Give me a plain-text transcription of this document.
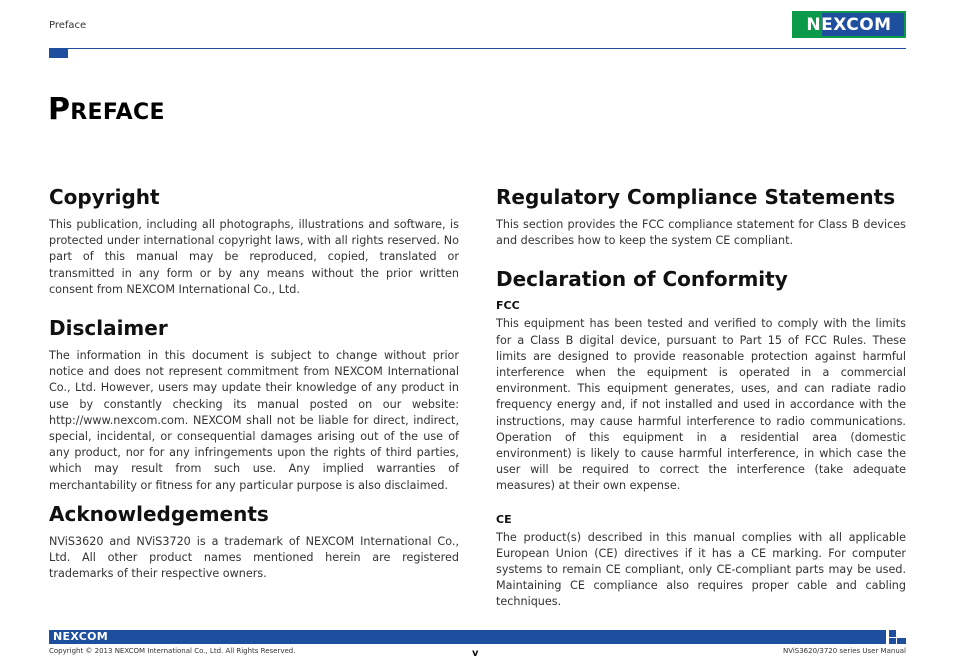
Preface	NEXCOM
PREFACE
Copyright

This publication, including all photographs, illustrations and software, is protected under international copyright laws, with all rights reserved. No part of this manual may be reproduced, copied, translated or transmitted in any form or by any means without the prior written consent from NEXCOM International Co., Ltd.

Disclaimer

The information in this document is subject to change without prior notice and does not represent commitment from NEXCOM International Co., Ltd. However, users may update their knowledge of any product in use by constantly checking its manual posted on our website: http://www.nexcom.com. NEXCOM shall not be liable for direct, indirect, special, incidental, or consequential damages arising out of the use of any product, nor for any infringements upon the rights of third parties, which may result from such use. Any implied warranties of merchantability or fitness for any particular purpose is also disclaimed.

Acknowledgements

NViS3620 and NViS3720 is a trademark of NEXCOM International Co., Ltd. All other product names mentioned herein are registered trademarks of their respective owners.

Regulatory Compliance Statements

This section provides the FCC compliance statement for Class B devices and describes how to keep the system CE compliant.

Declaration of Conformity
FCC

This equipment has been tested and verified to comply with the limits for a Class B digital device, pursuant to Part 15 of FCC Rules. These limits are designed to provide reasonable protection against harmful interference when the equipment is operated in a commercial environment. This equipment generates, uses, and can radiate radio frequency energy and, if not installed and used in accordance with the instructions, may cause harmful interference to radio communications. Operation of this equipment in a residential area (domestic environment) is likely to cause harmful interference, in which case the user will be required to correct the interference (take adequate measures) at their own expense.

CE

The product(s) described in this manual complies with all applicable European Union (CE) directives if it has a CE marking. For computer systems to remain CE compliant, only CE-compliant parts may be used. Maintaining CE compliance also requires proper cable and cabling techniques.

NEXCOM
Copyright © 2013 NEXCOM International Co., Ltd. All Rights Reserved.	v	NViS3620/3720 series User Manual
